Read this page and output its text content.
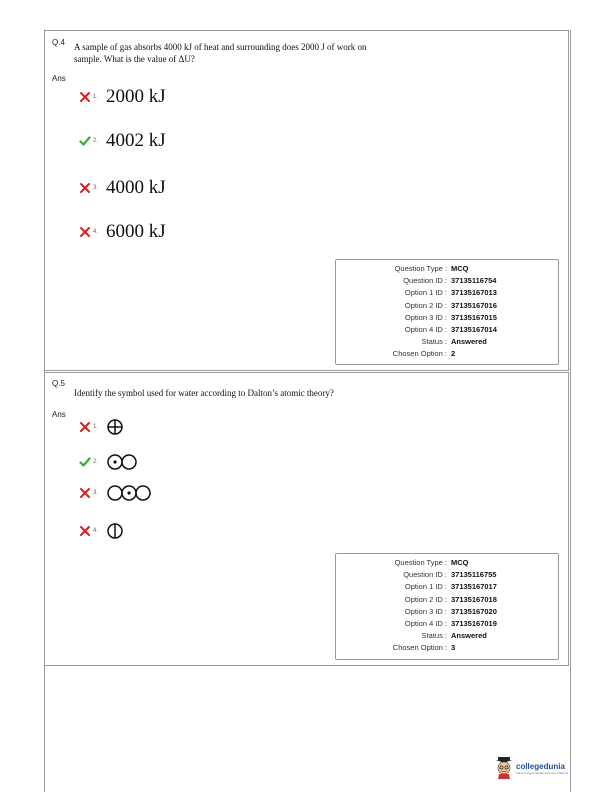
Q.4 A sample of gas absorbs 4000 kJ of heat and surrounding does 2000 J of work on
sample. What is the value of ΔU?
Ans
1. 2000 kJ
2. 4002 kJ
3. 4000 kJ
4. 6000 kJ
Question Type : MCQ
Question ID : 37135116754
Option 1 ID : 37135167013
Option 2 ID : 37135167016
Option 3 ID : 37135167015
Option 4 ID : 37135167014
Status : Answered
Chosen Option : 2
Q.5
Identify the symbol used for water according to Dalton’s atomic theory?
Ans
1.
2.
3.
4.
Question Type : MCQ
Question ID : 37135116755
Option 1 ID : 37135167017
Option 2 ID : 37135167018
Option 3 ID : 37135167020
Option 4 ID : 37135167019
Status : Answered
Chosen Option : 3
collegedunia
India's largest Student Review Platform
